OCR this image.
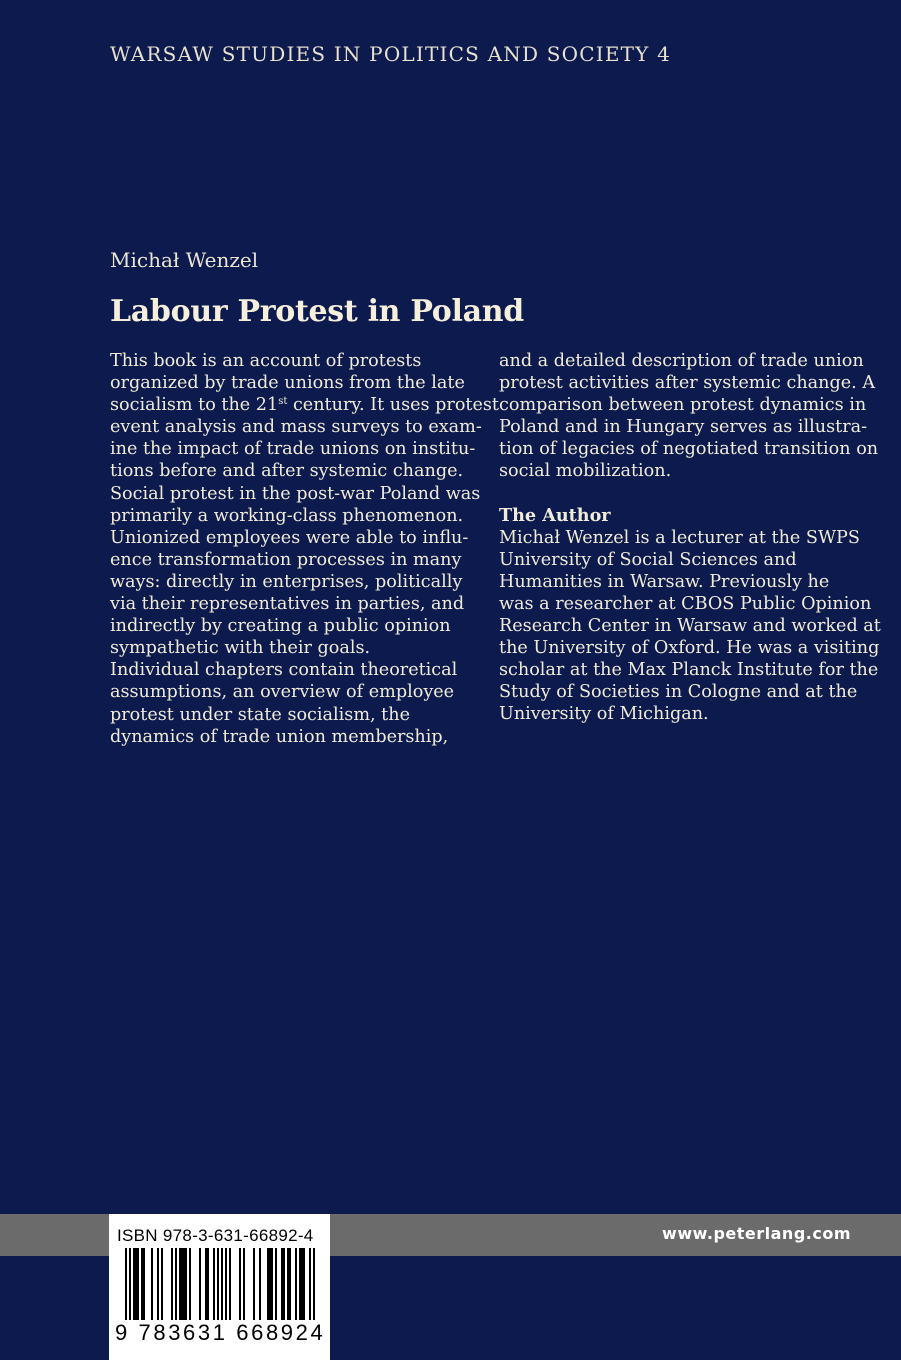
WARSAW STUDIES IN POLITICS AND SOCIETY 4
Michał Wenzel
Labour Protest in Poland
This book is an account of protests
organized by trade unions from the late
socialism to the 21st century. It uses protest
event analysis and mass surveys to exam-
ine the impact of trade unions on institu-
tions before and after systemic change.
Social protest in the post-war Poland was
primarily a working-class phenomenon.
Unionized employees were able to influ-
ence transformation processes in many
ways: directly in enterprises, politically
via their representatives in parties, and
indirectly by creating a public opinion
sympathetic with their goals.
Individual chapters contain theoretical
assumptions, an overview of employee
protest under state socialism, the
dynamics of trade union membership,
and a detailed description of trade union
protest activities after systemic change. A
comparison between protest dynamics in
Poland and in Hungary serves as illustra-
tion of legacies of negotiated transition on
social mobilization.
The Author
Michał Wenzel is a lecturer at the SWPS
University of Social Sciences and
Humanities in Warsaw. Previously he
was a researcher at CBOS Public Opinion
Research Center in Warsaw and worked at
the University of Oxford. He was a visiting
scholar at the Max Planck Institute for the
Study of Societies in Cologne and at the
University of Michigan.
www.peterlang.com
ISBN 978-3-631-66892-4
9 783631 668924
